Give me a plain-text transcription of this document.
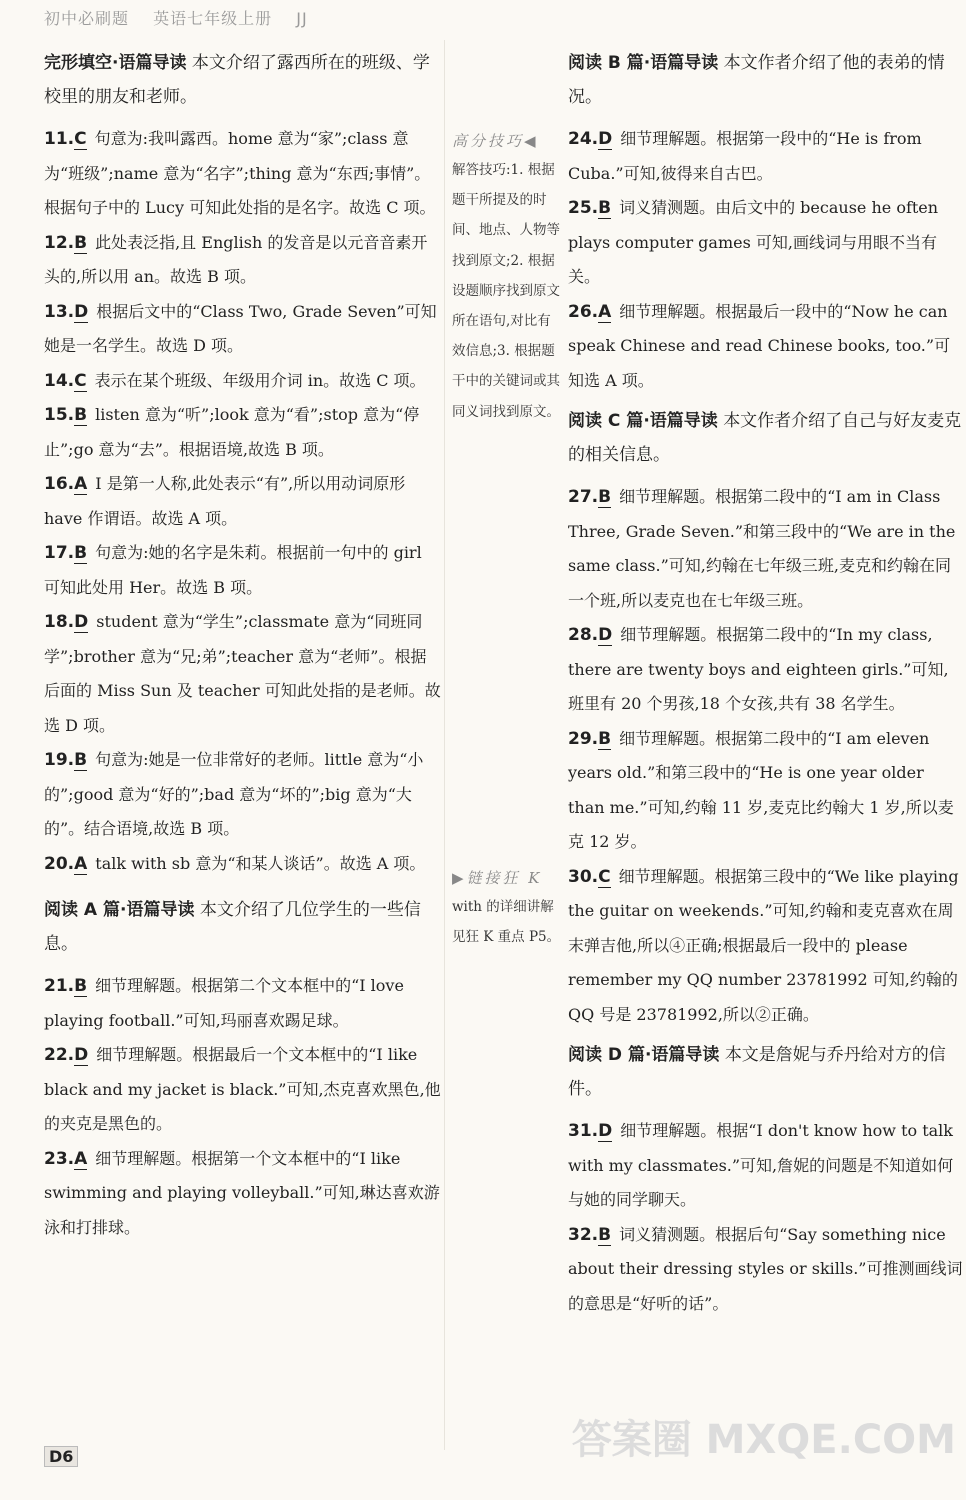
初中必刷题 英语七年级上册 JJ
完形填空·语篇导读 本文介绍了露西所在的班级、学校里的朋友和老师。
11.C 句意为:我叫露西。home 意为“家”;class 意为“班级”;name 意为“名字”;thing 意为“东西;事情”。根据句子中的 Lucy 可知此处指的是名字。故选 C 项。
12.B 此处表泛指,且 English 的发音是以元音音素开头的,所以用 an。故选 B 项。
13.D 根据后文中的“Class Two, Grade Seven”可知她是一名学生。故选 D 项。
14.C 表示在某个班级、年级用介词 in。故选 C 项。
15.B listen 意为“听”;look 意为“看”;stop 意为“停止”;go 意为“去”。根据语境,故选 B 项。
16.A I 是第一人称,此处表示“有”,所以用动词原形 have 作谓语。故选 A 项。
17.B 句意为:她的名字是朱莉。根据前一句中的 girl 可知此处用 Her。故选 B 项。
18.D student 意为“学生”;classmate 意为“同班同学”;brother 意为“兄;弟”;teacher 意为“老师”。根据后面的 Miss Sun 及 teacher 可知此处指的是老师。故选 D 项。
19.B 句意为:她是一位非常好的老师。little 意为“小的”;good 意为“好的”;bad 意为“坏的”;big 意为“大的”。结合语境,故选 B 项。
20.A talk with sb 意为“和某人谈话”。故选 A 项。
阅读 A 篇·语篇导读 本文介绍了几位学生的一些信息。
21.B 细节理解题。根据第二个文本框中的“I love playing football.”可知,玛丽喜欢踢足球。
22.D 细节理解题。根据最后一个文本框中的“I like black and my jacket is black.”可知,杰克喜欢黑色,他的夹克是黑色的。
23.A 细节理解题。根据第一个文本框中的“I like swimming and playing volleyball.”可知,琳达喜欢游泳和打排球。
高分技巧◀
解答技巧:1. 根据题干所提及的时间、地点、人物等找到原文;2. 根据设题顺序找到原文所在语句,对比有效信息;3. 根据题干中的关键词或其同义词找到原文。
▶链接狂 K
with 的详细讲解见狂 K 重点 P5。
阅读 B 篇·语篇导读 本文作者介绍了他的表弟的情况。
24.D 细节理解题。根据第一段中的“He is from Cuba.”可知,彼得来自古巴。
25.B 词义猜测题。由后文中的 because he often plays computer games 可知,画线词与用眼不当有关。
26.A 细节理解题。根据最后一段中的“Now he can speak Chinese and read Chinese books, too.”可知选 A 项。
阅读 C 篇·语篇导读 本文作者介绍了自己与好友麦克的相关信息。
27.B 细节理解题。根据第二段中的“I am in Class Three, Grade Seven.”和第三段中的“We are in the same class.”可知,约翰在七年级三班,麦克和约翰在同一个班,所以麦克也在七年级三班。
28.D 细节理解题。根据第二段中的“In my class, there are twenty boys and eighteen girls.”可知,班里有 20 个男孩,18 个女孩,共有 38 名学生。
29.B 细节理解题。根据第二段中的“I am eleven years old.”和第三段中的“He is one year older than me.”可知,约翰 11 岁,麦克比约翰大 1 岁,所以麦克 12 岁。
30.C 细节理解题。根据第三段中的“We like playing the guitar on weekends.”可知,约翰和麦克喜欢在周末弹吉他,所以④正确;根据最后一段中的 please remember my QQ number 23781992 可知,约翰的 QQ 号是 23781992,所以②正确。
阅读 D 篇·语篇导读 本文是詹妮与乔丹给对方的信件。
31.D 细节理解题。根据“I don't know how to talk with my classmates.”可知,詹妮的问题是不知道如何与她的同学聊天。
32.B 词义猜测题。根据后句“Say something nice about their dressing styles or skills.”可推测画线词的意思是“好听的话”。
D6	答案圈 MXQE.COM
